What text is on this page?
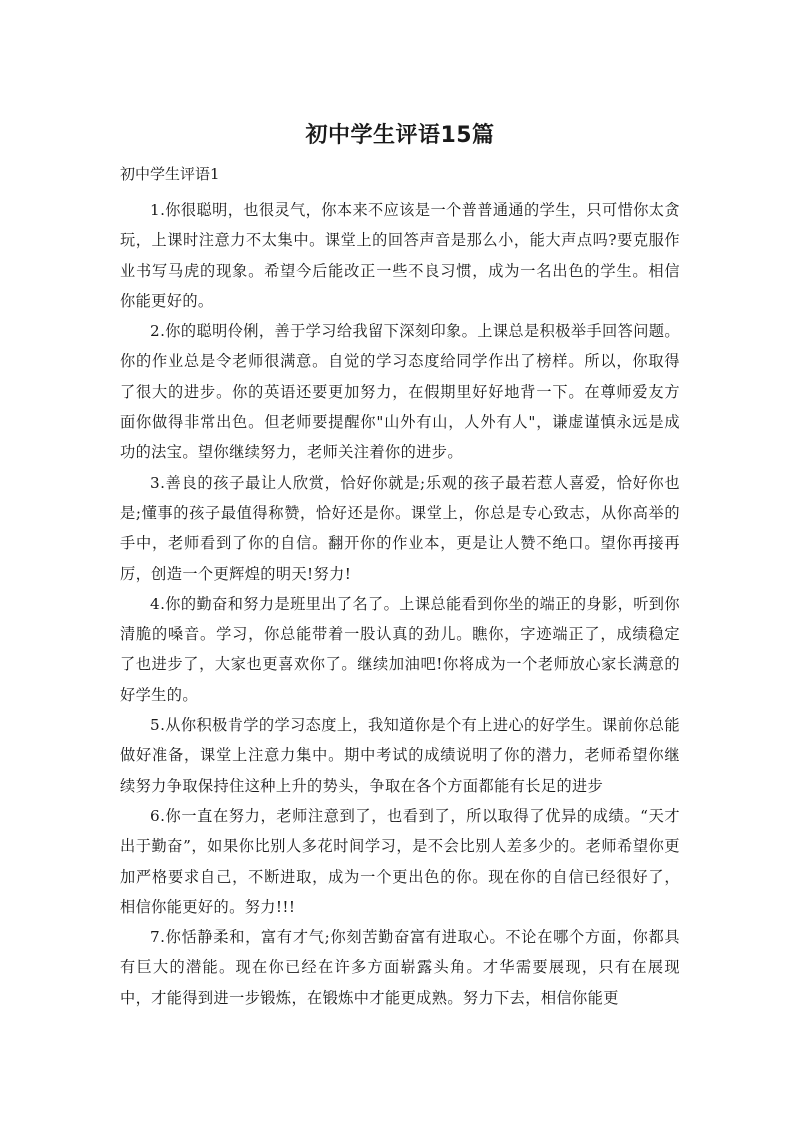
初中学生评语15篇

初中学生评语1

1.你很聪明，也很灵气，你本来不应该是一个普普通通的学生，只可惜你太贪玩，上课时注意力不太集中。课堂上的回答声音是那么小，能大声点吗?要克服作业书写马虎的现象。希望今后能改正一些不良习惯，成为一名出色的学生。相信你能更好的。

2.你的聪明伶俐，善于学习给我留下深刻印象。上课总是积极举手回答问题。你的作业总是令老师很满意。自觉的学习态度给同学作出了榜样。所以，你取得了很大的进步。你的英语还要更加努力，在假期里好好地背一下。在尊师爱友方面你做得非常出色。但老师要提醒你"山外有山，人外有人"，谦虚谨慎永远是成功的法宝。望你继续努力，老师关注着你的进步。

3.善良的孩子最让人欣赏，恰好你就是;乐观的孩子最若惹人喜爱，恰好你也是;懂事的孩子最值得称赞，恰好还是你。课堂上，你总是专心致志，从你高举的手中，老师看到了你的自信。翻开你的作业本，更是让人赞不绝口。望你再接再厉，创造一个更辉煌的明天!努力!

4.你的勤奋和努力是班里出了名了。上课总能看到你坐的端正的身影，听到你清脆的嗓音。学习，你总能带着一股认真的劲儿。瞧你，字迹端正了，成绩稳定了也进步了，大家也更喜欢你了。继续加油吧!你将成为一个老师放心家长满意的好学生的。

5.从你积极肯学的学习态度上，我知道你是个有上进心的好学生。课前你总能做好准备，课堂上注意力集中。期中考试的成绩说明了你的潜力，老师希望你继续努力争取保持住这种上升的势头，争取在各个方面都能有长足的进步

6.你一直在努力，老师注意到了，也看到了，所以取得了优异的成绩。“天才出于勤奋”，如果你比别人多花时间学习，是不会比别人差多少的。老师希望你更加严格要求自己，不断进取，成为一个更出色的你。现在你的自信已经很好了，相信你能更好的。努力!!!

7.你恬静柔和，富有才气;你刻苦勤奋富有进取心。不论在哪个方面，你都具有巨大的潜能。现在你已经在许多方面崭露头角。才华需要展现，只有在展现中，才能得到进一步锻炼，在锻炼中才能更成熟。努力下去，相信你能更
